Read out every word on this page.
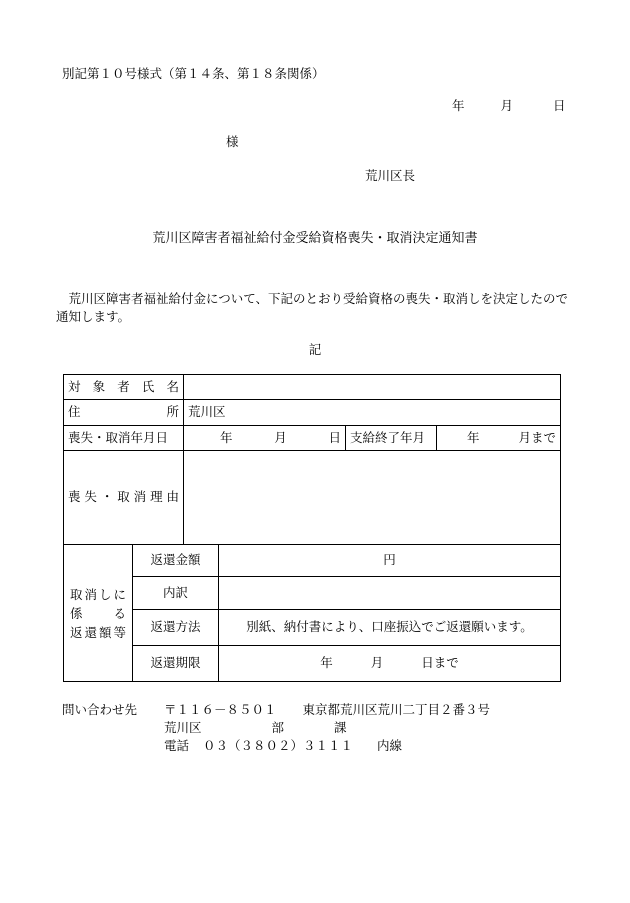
別記第１０号様式（第１４条、第１８条関係）
年	月	日
様
荒川区長
荒川区障害者福祉給付金受給資格喪失・取消決定通知書
荒川区障害者福祉給付金について、下記のとおり受給資格の喪失・取消しを決定したので通知します。
記
対象者氏名					
住所		荒川区			
喪失・取消年月日		年 月 日		支給終了年月	年 月まで

喪失・取消理由					

取消しに
係る
返還額等	返還金額		円		
	内訳				
	返還方法		別紙、納付書により、口座振込でご返還願います。		
	返還期限		年 月 日まで		
問い合わせ先 〒１１６－８５０１ 東京都荒川区荒川二丁目２番３号
荒川区	部	課
電話 ０３（３８０２）３１１１ 内線
